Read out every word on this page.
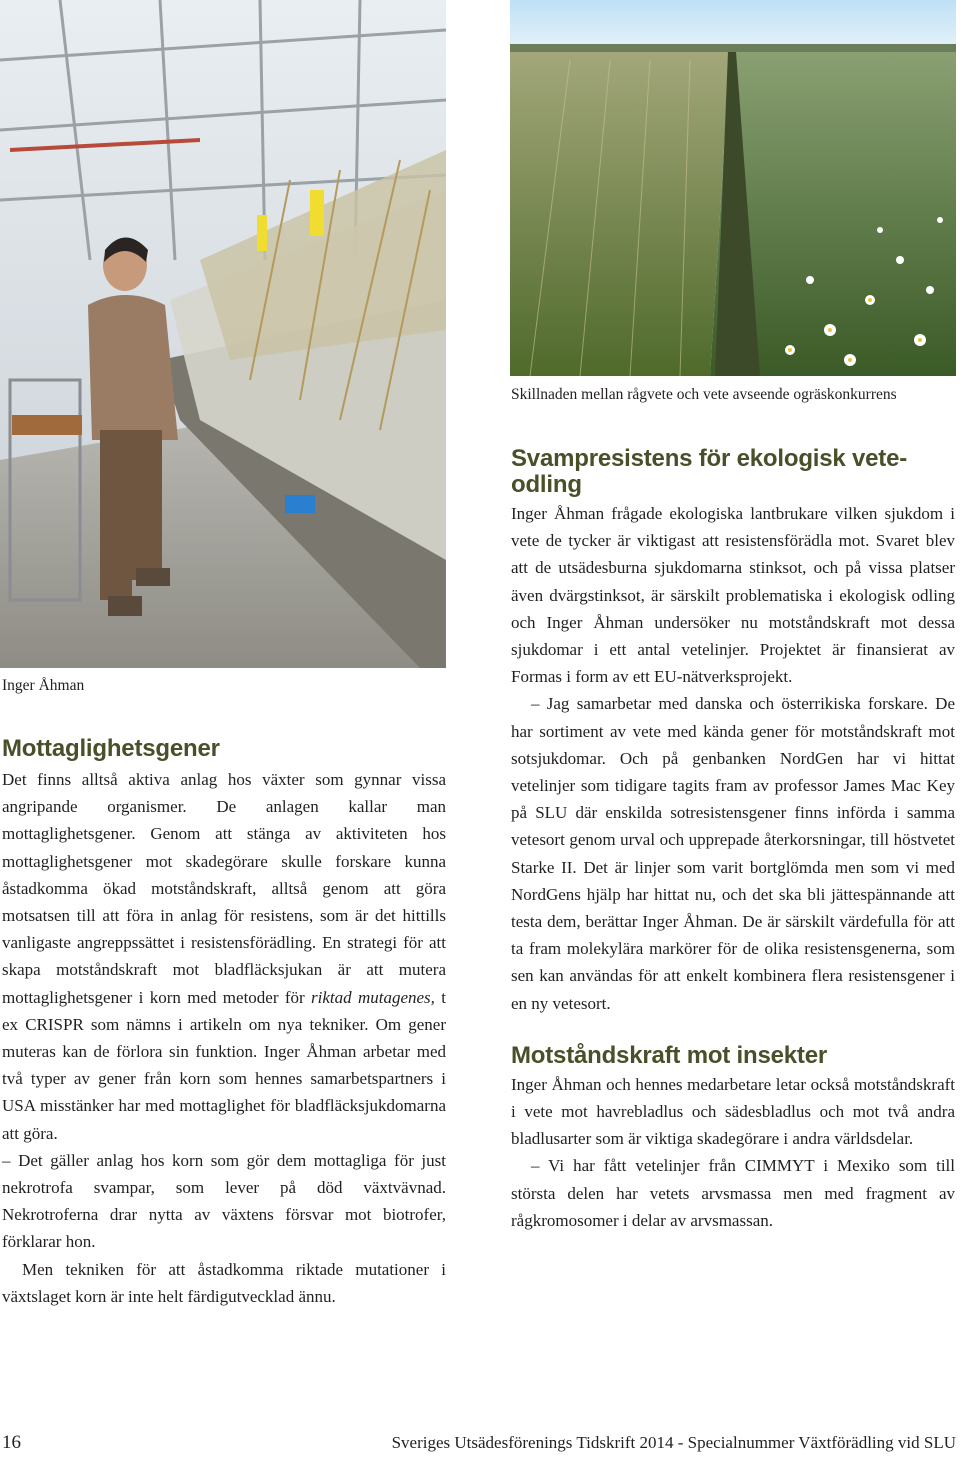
Inger Åhman
Skillnaden mellan rågvete och vete avseende ogräskonkurrens
Mottaglighetsgener

Det finns alltså aktiva anlag hos växter som gynnar vissa angripande organismer. De anlagen kallar man mottaglighetsgener. Genom att stänga av aktiviteten hos mottaglighetsgener mot skadegörare skulle forskare kunna åstadkomma ökad motståndskraft, alltså genom att göra motsatsen till att föra in anlag för resistens, som är det hittills vanligaste angreppssättet i resistensförädling. En strategi för att skapa motståndskraft mot bladfläcksjukan är att mutera mottaglighetsgener i korn med metoder för riktad mutagenes, t ex CRISPR som nämns i artikeln om nya tekniker. Om gener muteras kan de förlora sin funktion. Inger Åhman arbetar med två typer av gener från korn som hennes samarbetspartners i USA misstänker har med mottaglighet för bladfläcksjukdomarna att göra.

– Det gäller anlag hos korn som gör dem mottagliga för just nekrotrofa svampar, som lever på död växtvävnad. Nekrotroferna drar nytta av växtens försvar mot biotrofer, förklarar hon.

Men tekniken för att åstadkomma riktade mutationer i växtslaget korn är inte helt färdigutvecklad ännu.

Svampresistens för ekologisk veteodling

Inger Åhman frågade ekologiska lantbrukare vilken sjukdom i vete de tycker är viktigast att resistensförädla mot. Svaret blev att de utsädesburna sjukdomarna stinksot, och på vissa platser även dvärgstinksot, är särskilt problematiska i ekologisk odling och Inger Åhman undersöker nu motståndskraft mot dessa sjukdomar i ett antal vetelinjer. Projektet är finansierat av Formas i form av ett EU-nätverksprojekt.

– Jag samarbetar med danska och österrikiska forskare. De har sortiment av vete med kända gener för motståndskraft mot sotsjukdomar. Och på genbanken NordGen har vi hittat vetelinjer som tidigare tagits fram av professor James Mac Key på SLU där enskilda sotresistensgener finns införda i samma vetesort genom urval och upprepade återkorsningar, till höstvetet Starke II. Det är linjer som varit bortglömda men som vi med NordGens hjälp har hittat nu, och det ska bli jättespännande att testa dem, berättar Inger Åhman. De är särskilt värdefulla för att ta fram molekylära markörer för de olika resistensgenerna, som sen kan användas för att enkelt kombinera flera resistensgener i en ny vetesort.

Motståndskraft mot insekter

Inger Åhman och hennes medarbetare letar också motståndskraft i vete mot havrebladlus och sädesbladlus och mot två andra bladlusarter som är viktiga skadegörare i andra världsdelar.

– Vi har fått vetelinjer från CIMMYT i Mexiko som till största delen har vetets arvsmassa men med fragment av rågkromosomer i delar av arvsmassan.

16	Sveriges Utsädesförenings Tidskrift 2014 - Specialnummer Växtförädling vid SLU
